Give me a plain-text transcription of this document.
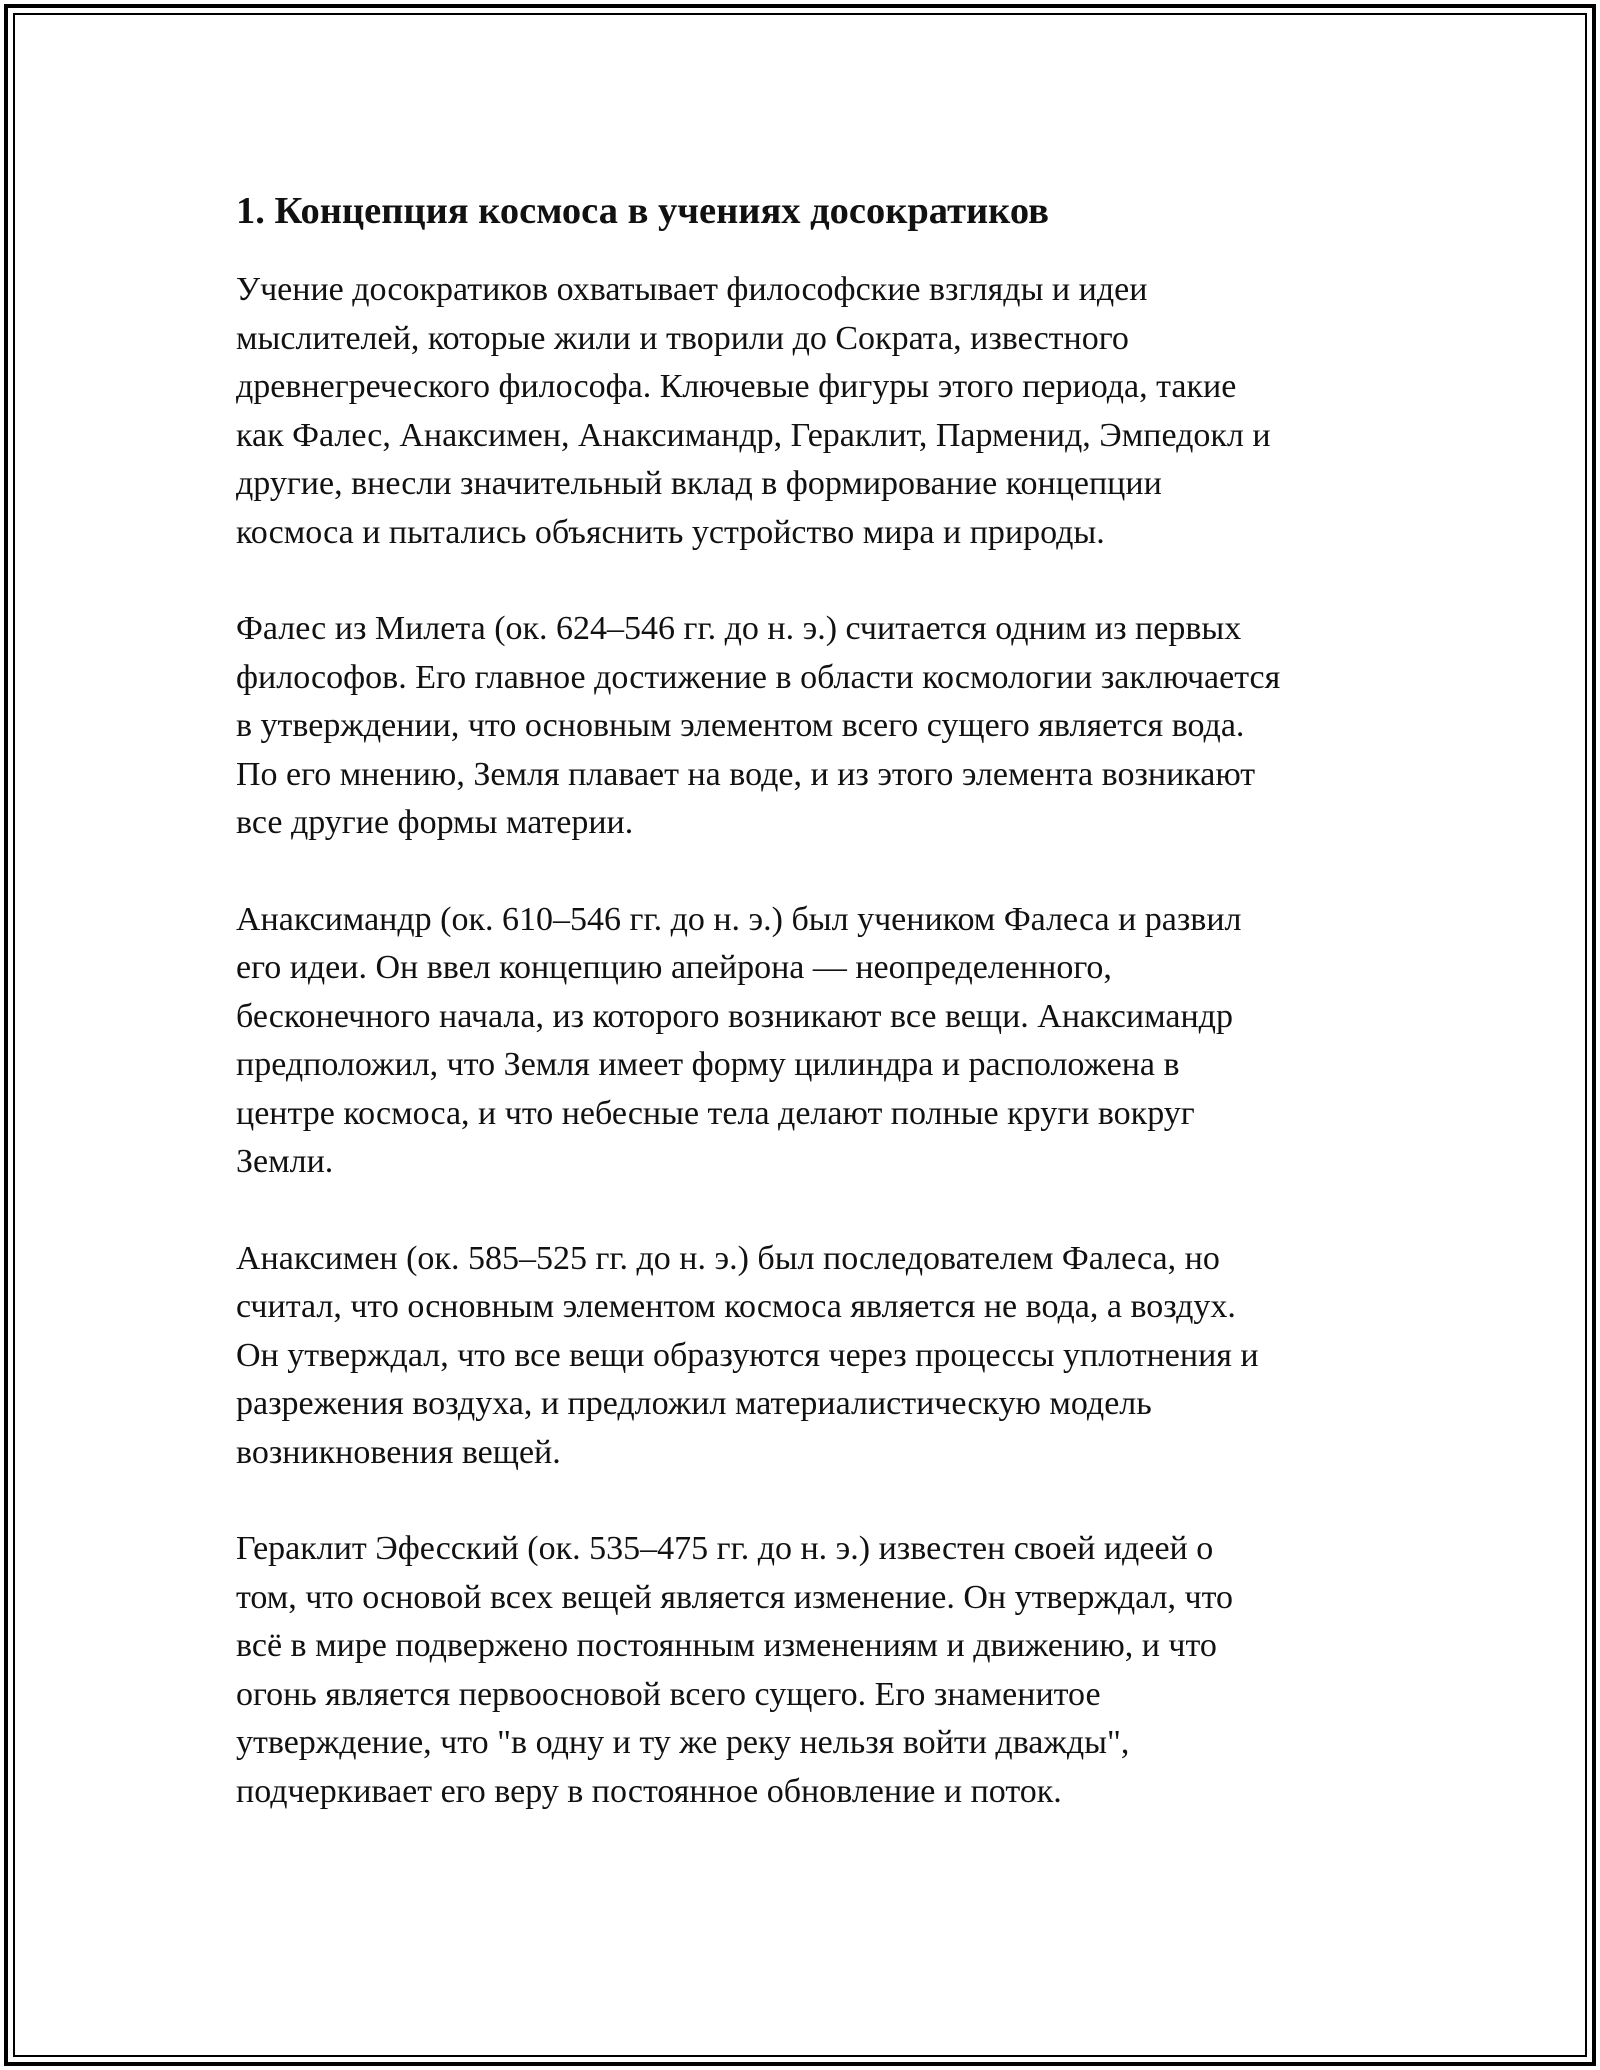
1. Концепция космоса в учениях досократиков

Учение досократиков охватывает философские взгляды и идеи
мыслителей, которые жили и творили до Сократа, известного
древнегреческого философа. Ключевые фигуры этого периода, такие
как Фалес, Анаксимен, Анаксимандр, Гераклит, Парменид, Эмпедокл и
другие, внесли значительный вклад в формирование концепции
космоса и пытались объяснить устройство мира и природы.

Фалес из Милета (ок. 624–546 гг. до н. э.) считается одним из первых
философов. Его главное достижение в области космологии заключается
в утверждении, что основным элементом всего сущего является вода.
По его мнению, Земля плавает на воде, и из этого элемента возникают
все другие формы материи.

Анаксимандр (ок. 610–546 гг. до н. э.) был учеником Фалеса и развил
его идеи. Он ввел концепцию апейрона — неопределенного,
бесконечного начала, из которого возникают все вещи. Анаксимандр
предположил, что Земля имеет форму цилиндра и расположена в
центре космоса, и что небесные тела делают полные круги вокруг
Земли.

Анаксимен (ок. 585–525 гг. до н. э.) был последователем Фалеса, но
считал, что основным элементом космоса является не вода, а воздух.
Он утверждал, что все вещи образуются через процессы уплотнения и
разрежения воздуха, и предложил материалистическую модель
возникновения вещей.

Гераклит Эфесский (ок. 535–475 гг. до н. э.) известен своей идеей о
том, что основой всех вещей является изменение. Он утверждал, что
всё в мире подвержено постоянным изменениям и движению, и что
огонь является первоосновой всего сущего. Его знаменитое
утверждение, что "в одну и ту же реку нельзя войти дважды",
подчеркивает его веру в постоянное обновление и поток.
